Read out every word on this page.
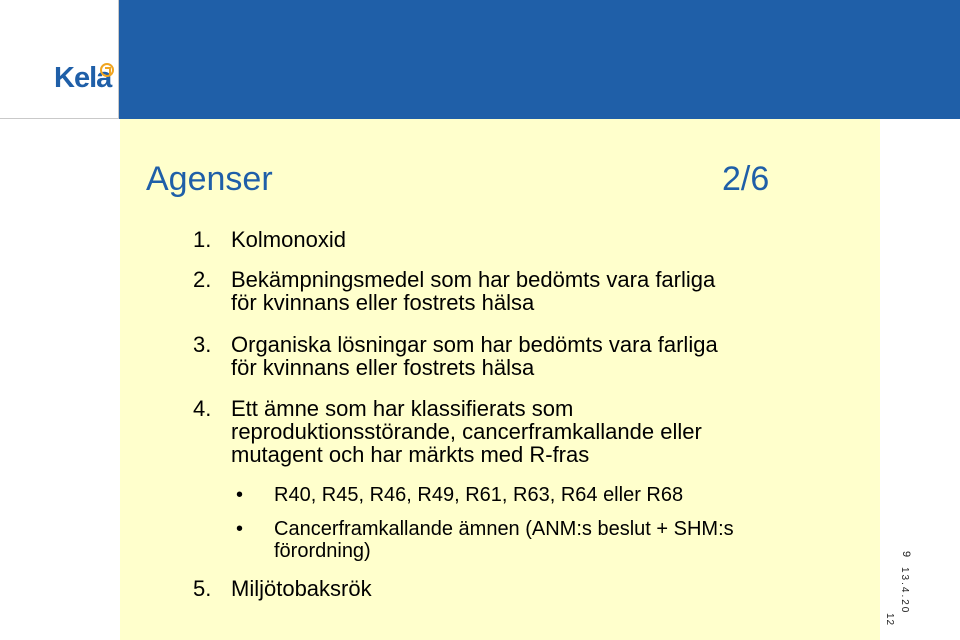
Kela
Agenser	2/6
1. Kolmonoxid
2. Bekämpningsmedel som har bedömts vara farliga
för kvinnans eller fostrets hälsa
3. Organiska lösningar som har bedömts vara farliga
för kvinnans eller fostrets hälsa
4. Ett ämne som har klassifierats som
reproduktionsstörande, cancerframkallande eller
mutagent och har märkts med R-fras
• R40, R45, R46, R49, R61, R63, R64 eller R68
• Cancerframkallande ämnen (ANM:s beslut + SHM:s
förordning)
5. Miljötobaksrök
9
13.4.20
12
